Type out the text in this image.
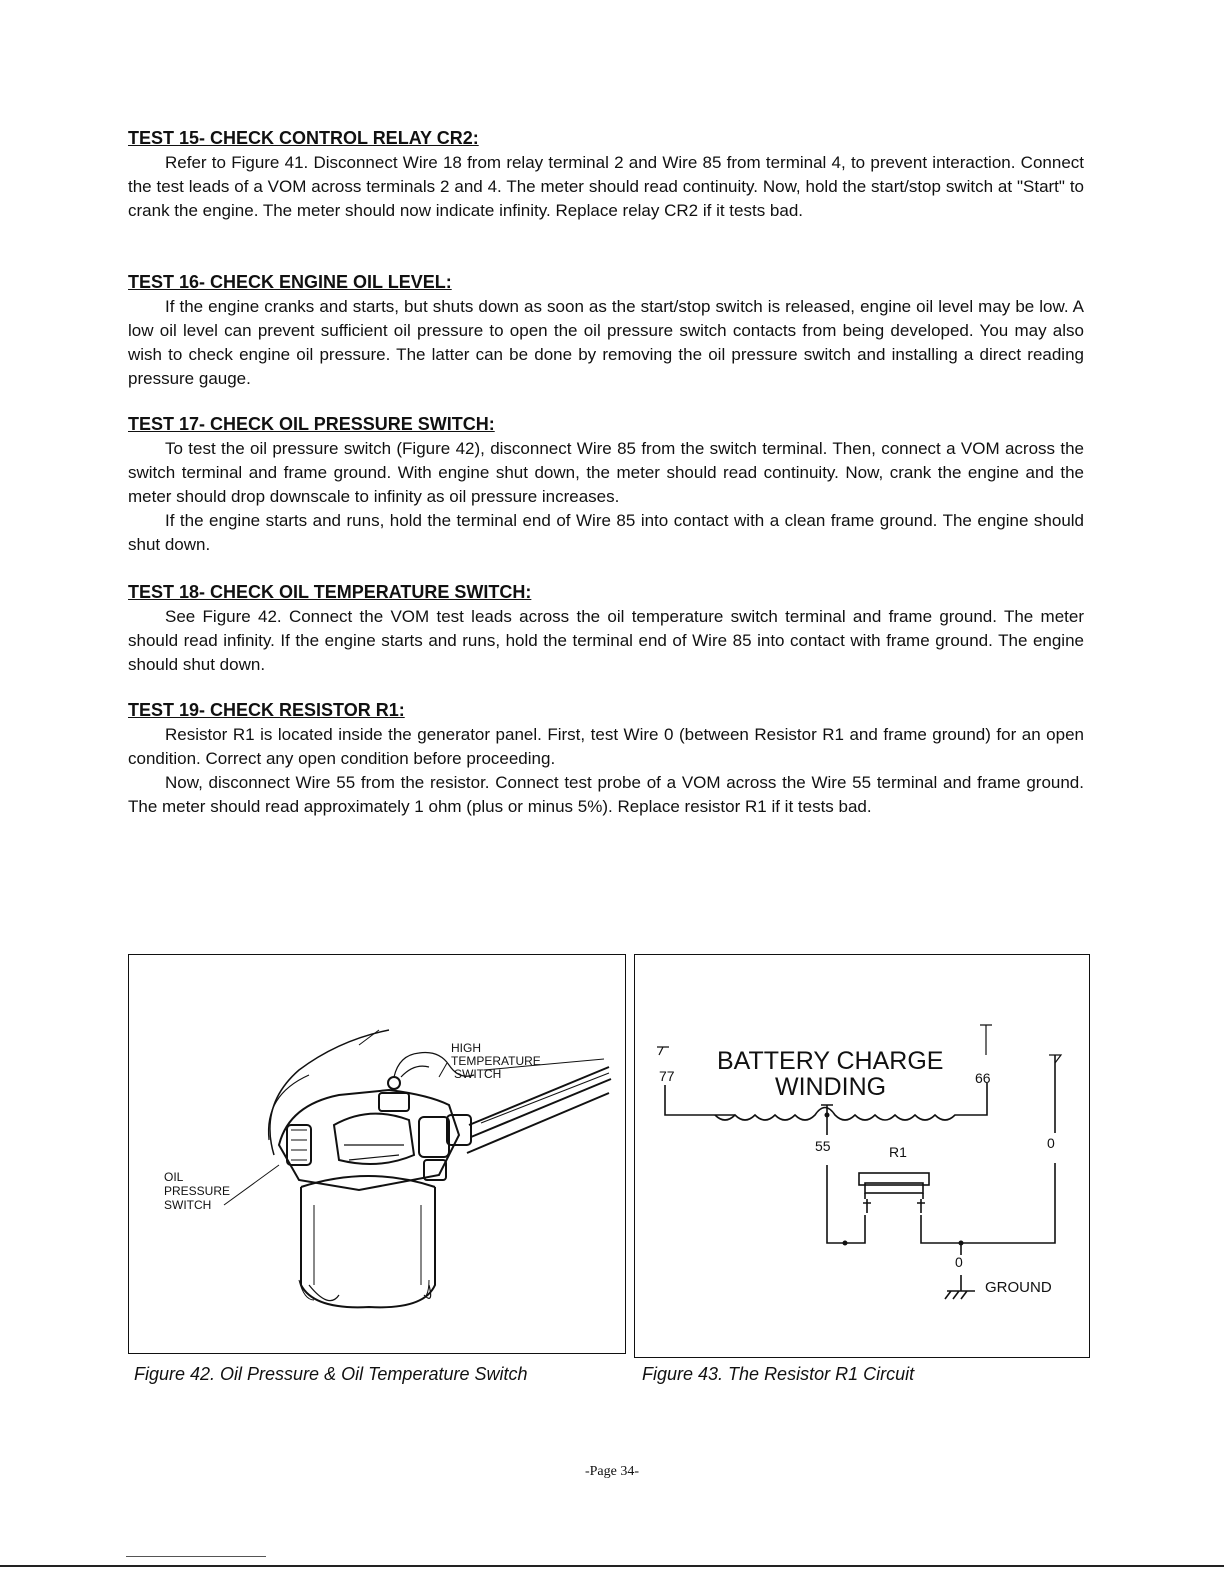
TEST 15- CHECK CONTROL RELAY CR2:

Refer to Figure 41. Disconnect Wire 18 from relay terminal 2 and Wire 85 from terminal 4, to prevent interaction. Connect the test leads of a VOM across terminals 2 and 4. The meter should read continuity. Now, hold the start/stop switch at "Start" to crank the engine. The meter should now indicate infinity. Replace relay CR2 if it tests bad.

TEST 16- CHECK ENGINE OIL LEVEL:

If the engine cranks and starts, but shuts down as soon as the start/stop switch is released, engine oil level may be low. A low oil level can prevent sufficient oil pressure to open the oil pressure switch contacts from being developed. You may also wish to check engine oil pressure. The latter can be done by removing the oil pressure switch and installing a direct reading pressure gauge.

TEST 17- CHECK OIL PRESSURE SWITCH:

To test the oil pressure switch (Figure 42), disconnect Wire 85 from the switch terminal. Then, connect a VOM across the switch terminal and frame ground. With engine shut down, the meter should read continuity. Now, crank the engine and the meter should drop downscale to infinity as oil pressure increases.

If the engine starts and runs, hold the terminal end of Wire 85 into contact with a clean frame ground. The engine should shut down.

TEST 18- CHECK OIL TEMPERATURE SWITCH:

See Figure 42. Connect the VOM test leads across the oil temperature switch terminal and frame ground. The meter should read infinity. If the engine starts and runs, hold the terminal end of Wire 85 into contact with frame ground. The engine should shut down.

TEST 19- CHECK RESISTOR R1:

Resistor R1 is located inside the generator panel. First, test Wire 0 (between Resistor R1 and frame ground) for an open condition. Correct any open condition before proceeding.

Now, disconnect Wire 55 from the resistor. Connect test probe of a VOM across the Wire 55 terminal and frame ground. The meter should read approximately 1 ohm (plus or minus 5%). Replace resistor R1 if it tests bad.

HIGH
TEMPERATURE
SWITCH
OIL
PRESSURE
SWITCH
Figure 42. Oil Pressure & Oil Temperature Switch
BATTERY CHARGE
WINDING
77	66
55	R1
0
0
GROUND
Figure 43. The Resistor R1 Circuit
-Page 34-
